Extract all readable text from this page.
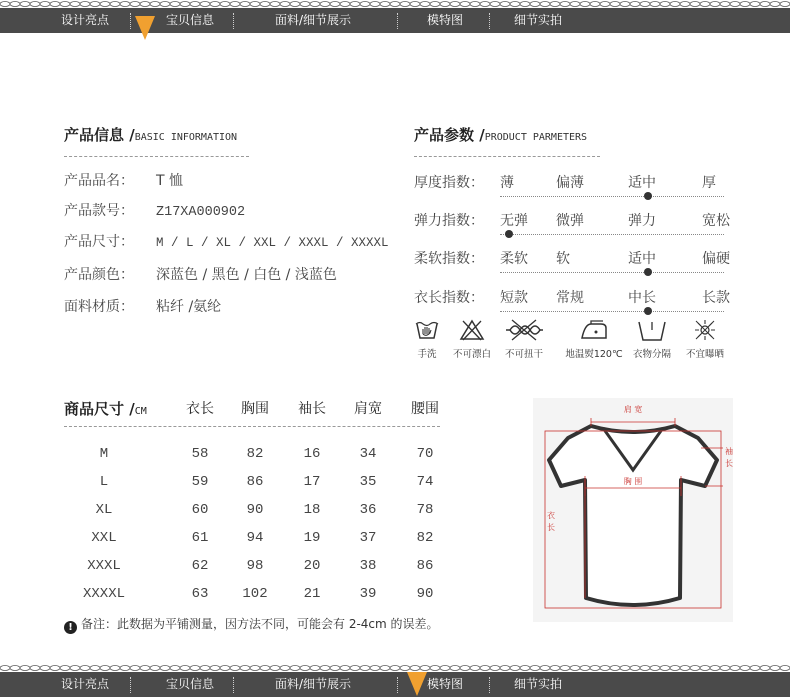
设计亮点	宝贝信息	面料/细节展示	模特图	细节实拍
产品信息 /BASIC INFORMATION
产品品名： T 恤
产品款号： Z17XA000902
产品尺寸： M / L / XL / XXL / XXXL / XXXXL
产品颜色： 深蓝色 / 黑色 / 白色 / 浅蓝色
面料材质： 粘纤 /氨纶
产品参数 /PRODUCT PARMETERS
厚度指数： 薄	偏薄	适中	厚
弹力指数： 无弹 微弹	弹力	宽松
柔软指数： 柔软 软	适中	偏硬
衣长指数： 短款 常规	中长	长款
手洗	不可漂白	不可扭干	地温熨120℃	衣物分隔	不宜曝晒
商品尺寸 /CM	衣长 胸围 袖长 肩宽 腰围
M	58	82	16	34	70
L	59	86	17	35	74
XL	60	90	18	36	78
XXL	61	94	19	37	82
XXXL	62	98	20	38	86
XXXXL	63	102	21	39	90
! 备注：此数据为平铺测量，因方法不同，可能会有 2-4cm 的误差。
肩 宽
胸 围
袖长
衣长
设计亮点	宝贝信息	面料/细节展示	模特图	细节实拍
